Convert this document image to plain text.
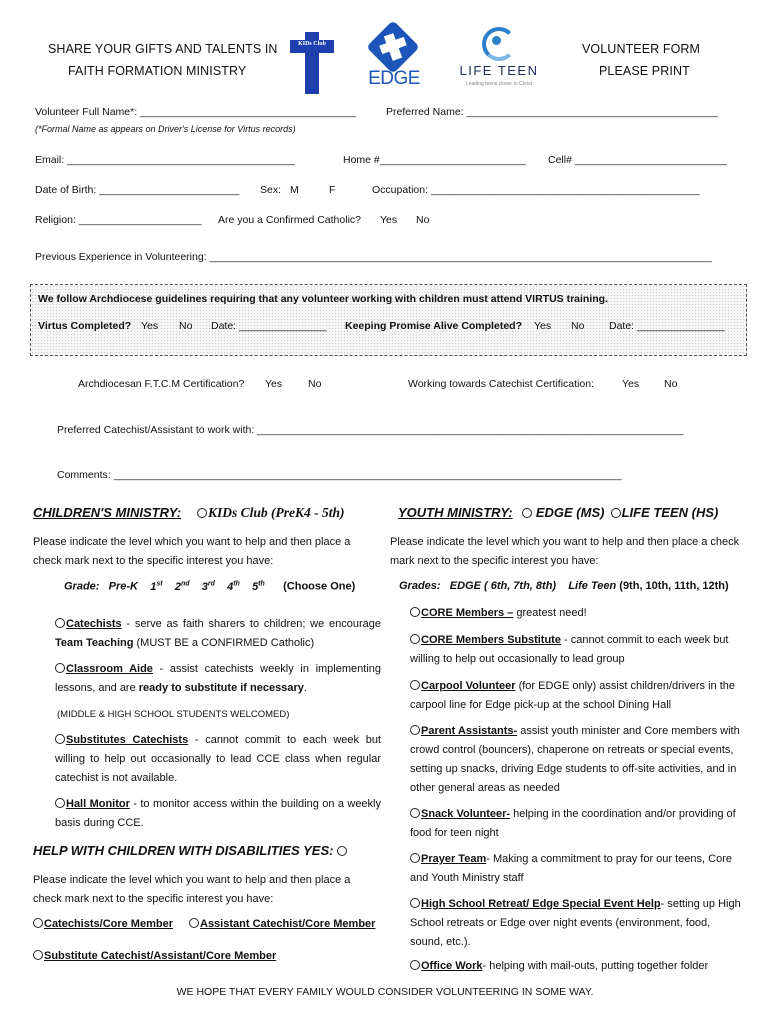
SHARE YOUR GIFTS AND TALENTS IN
FAITH FORMATION MINISTRY
VOLUNTEER FORM
PLEASE PRINT
KIDs Club
EDGE	LIFE TEEN
Leading teens closer to Christ
Volunteer Full Name*: _____________________________________	Preferred Name: ___________________________________________
(*Formal Name as appears on Driver's License for Virtus records)
Email: _______________________________________	Home #_________________________ Cell# __________________________
Date of Birth: ________________________ Sex: M	F	Occupation: ______________________________________________
Religion: _____________________ Are you a Confirmed Catholic? Yes No
Previous Experience in Volunteering: ______________________________________________________________________________________
We follow Archdiocese guidelines requiring that any volunteer working with children must attend VIRTUS training.
Virtus Completed? Yes No Date: _______________ Keeping Promise Alive Completed? Yes No Date: _______________
Archdiocesan F.T.C.M Certification? Yes No	Working towards Catechist Certification:	Yes No
Preferred Catechist/Assistant to work with: _________________________________________________________________________
Comments: _______________________________________________________________________________________
CHILDREN'S MINISTRY:	KIDs Club (PreK4 - 5th)
Please indicate the level which you want to help and then place a check mark next to the specific interest you have:
Grade: Pre-K 1st 2nd 3rd 4th 5th (Choose One)
Catechists - serve as faith sharers to children; we encourage Team Teaching (MUST BE a CONFIRMED Catholic)
Classroom Aide - assist catechists weekly in implementing lessons, and are ready to substitute if necessary.
(MIDDLE & HIGH SCHOOL STUDENTS WELCOMED)
Substitutes Catechists - cannot commit to each week but willing to help out occasionally to lead CCE class when regular catechist is not available.
Hall Monitor - to monitor access within the building on a weekly basis during CCE.
HELP WITH CHILDREN WITH DISABILITIES YES:
Please indicate the level which you want to help and then place a check mark next to the specific interest you have:
Catechists/Core Member	Assistant Catechist/Core Member
Substitute Catechist/Assistant/Core Member
YOUTH MINISTRY: EDGE (MS) LIFE TEEN (HS)
Please indicate the level which you want to help and then place a check mark next to the specific interest you have:
Grades: EDGE ( 6th, 7th, 8th) Life Teen (9th, 10th, 11th, 12th)
CORE Members – greatest need!
CORE Members Substitute - cannot commit to each week but willing to help out occasionally to lead group
Carpool Volunteer (for EDGE only) assist children/drivers in the carpool line for Edge pick-up at the school Dining Hall
Parent Assistants- assist youth minister and Core members with crowd control (bouncers), chaperone on retreats or special events, setting up snacks, driving Edge students to off-site activities, and in other general areas as needed
Snack Volunteer- helping in the coordination and/or providing of food for teen night
Prayer Team- Making a commitment to pray for our teens, Core and Youth Ministry staff
High School Retreat/ Edge Special Event Help- setting up High School retreats or Edge over night events (environment, food, sound, etc.).
Office Work- helping with mail-outs, putting together folder
WE HOPE THAT EVERY FAMILY WOULD CONSIDER VOLUNTEERING IN SOME WAY.
